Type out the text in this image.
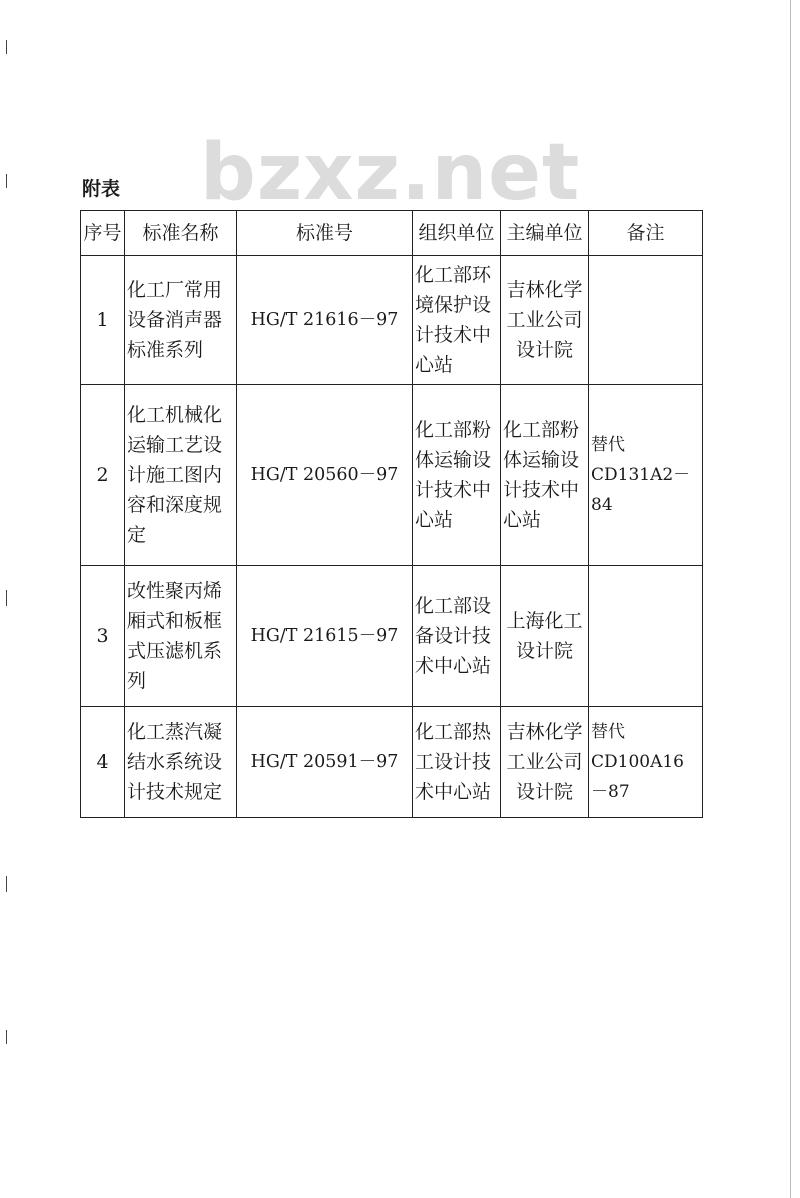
bzxz.net
附表
序号	标准名称	标准号	组织单位	主编单位	备注
1	化工厂常用设备消声器标准系列	HG/T 21616－97	化工部环境保护设计技术中心站	吉林化学工业公司设计院	
2	化工机械化运输工艺设计施工图内容和深度规定	HG/T 20560－97	化工部粉体运输设计技术中心站	化工部粉体运输设计技术中心站	替代 CD131A2－84
3	改性聚丙烯厢式和板框式压滤机系列	HG/T 21615－97	化工部设备设计技术中心站	上海化工设计院	
4	化工蒸汽凝结水系统设计技术规定	HG/T 20591－97	化工部热工设计技术中心站	吉林化学工业公司设计院	替代 CD100A16－87
